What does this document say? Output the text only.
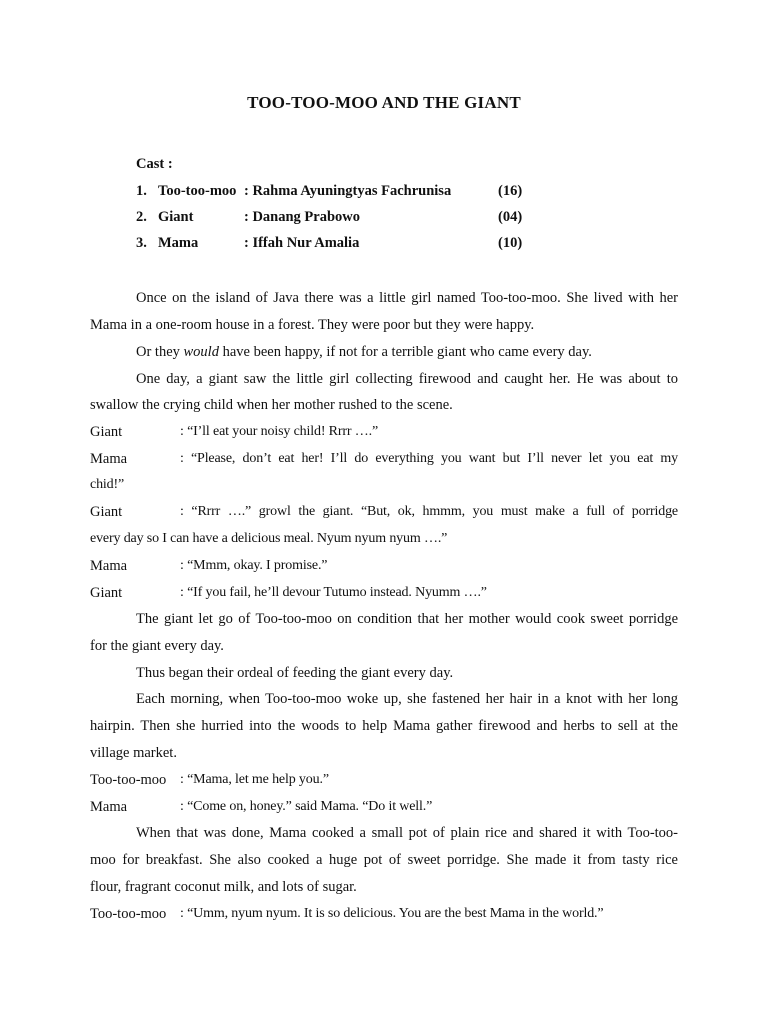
TOO-TOO-MOO AND THE GIANT
Cast :
1. Too-too-moo : Rahma Ayuningtyas Fachrunisa	(16)
2. Giant	: Danang Prabowo	(04)
3. Mama	: Iffah Nur Amalia	(10)
Once on the island of Java there was a little girl named Too-too-moo. She lived with her
Mama in a one-room house in a forest. They were poor but they were happy.
Or they would have been happy, if not for a terrible giant who came every day.
One day, a giant saw the little girl collecting firewood and caught her. He was about to
swallow the crying child when her mother rushed to the scene.
Giant	: “I’ll eat your noisy child! Rrrr ….”
Mama	: “Please, don’t eat her! I’ll do everything you want but I’ll never let you eat my
chid!”
Giant	: “Rrrr ….” growl the giant. “But, ok, hmmm, you must make a full of porridge
every day so I can have a delicious meal. Nyum nyum nyum ….”
Mama	: “Mmm, okay. I promise.”
Giant	: “If you fail, he’ll devour Tutumo instead. Nyumm ….”
The giant let go of Too-too-moo on condition that her mother would cook sweet porridge
for the giant every day.
Thus began their ordeal of feeding the giant every day.
Each morning, when Too-too-moo woke up, she fastened her hair in a knot with her long
hairpin. Then she hurried into the woods to help Mama gather firewood and herbs to sell at the
village market.
Too-too-moo : “Mama, let me help you.”
Mama	: “Come on, honey.” said Mama. “Do it well.”
When that was done, Mama cooked a small pot of plain rice and shared it with Too-too-
moo for breakfast. She also cooked a huge pot of sweet porridge. She made it from tasty rice
flour, fragrant coconut milk, and lots of sugar.
Too-too-moo : “Umm, nyum nyum. It is so delicious. You are the best Mama in the world.”
